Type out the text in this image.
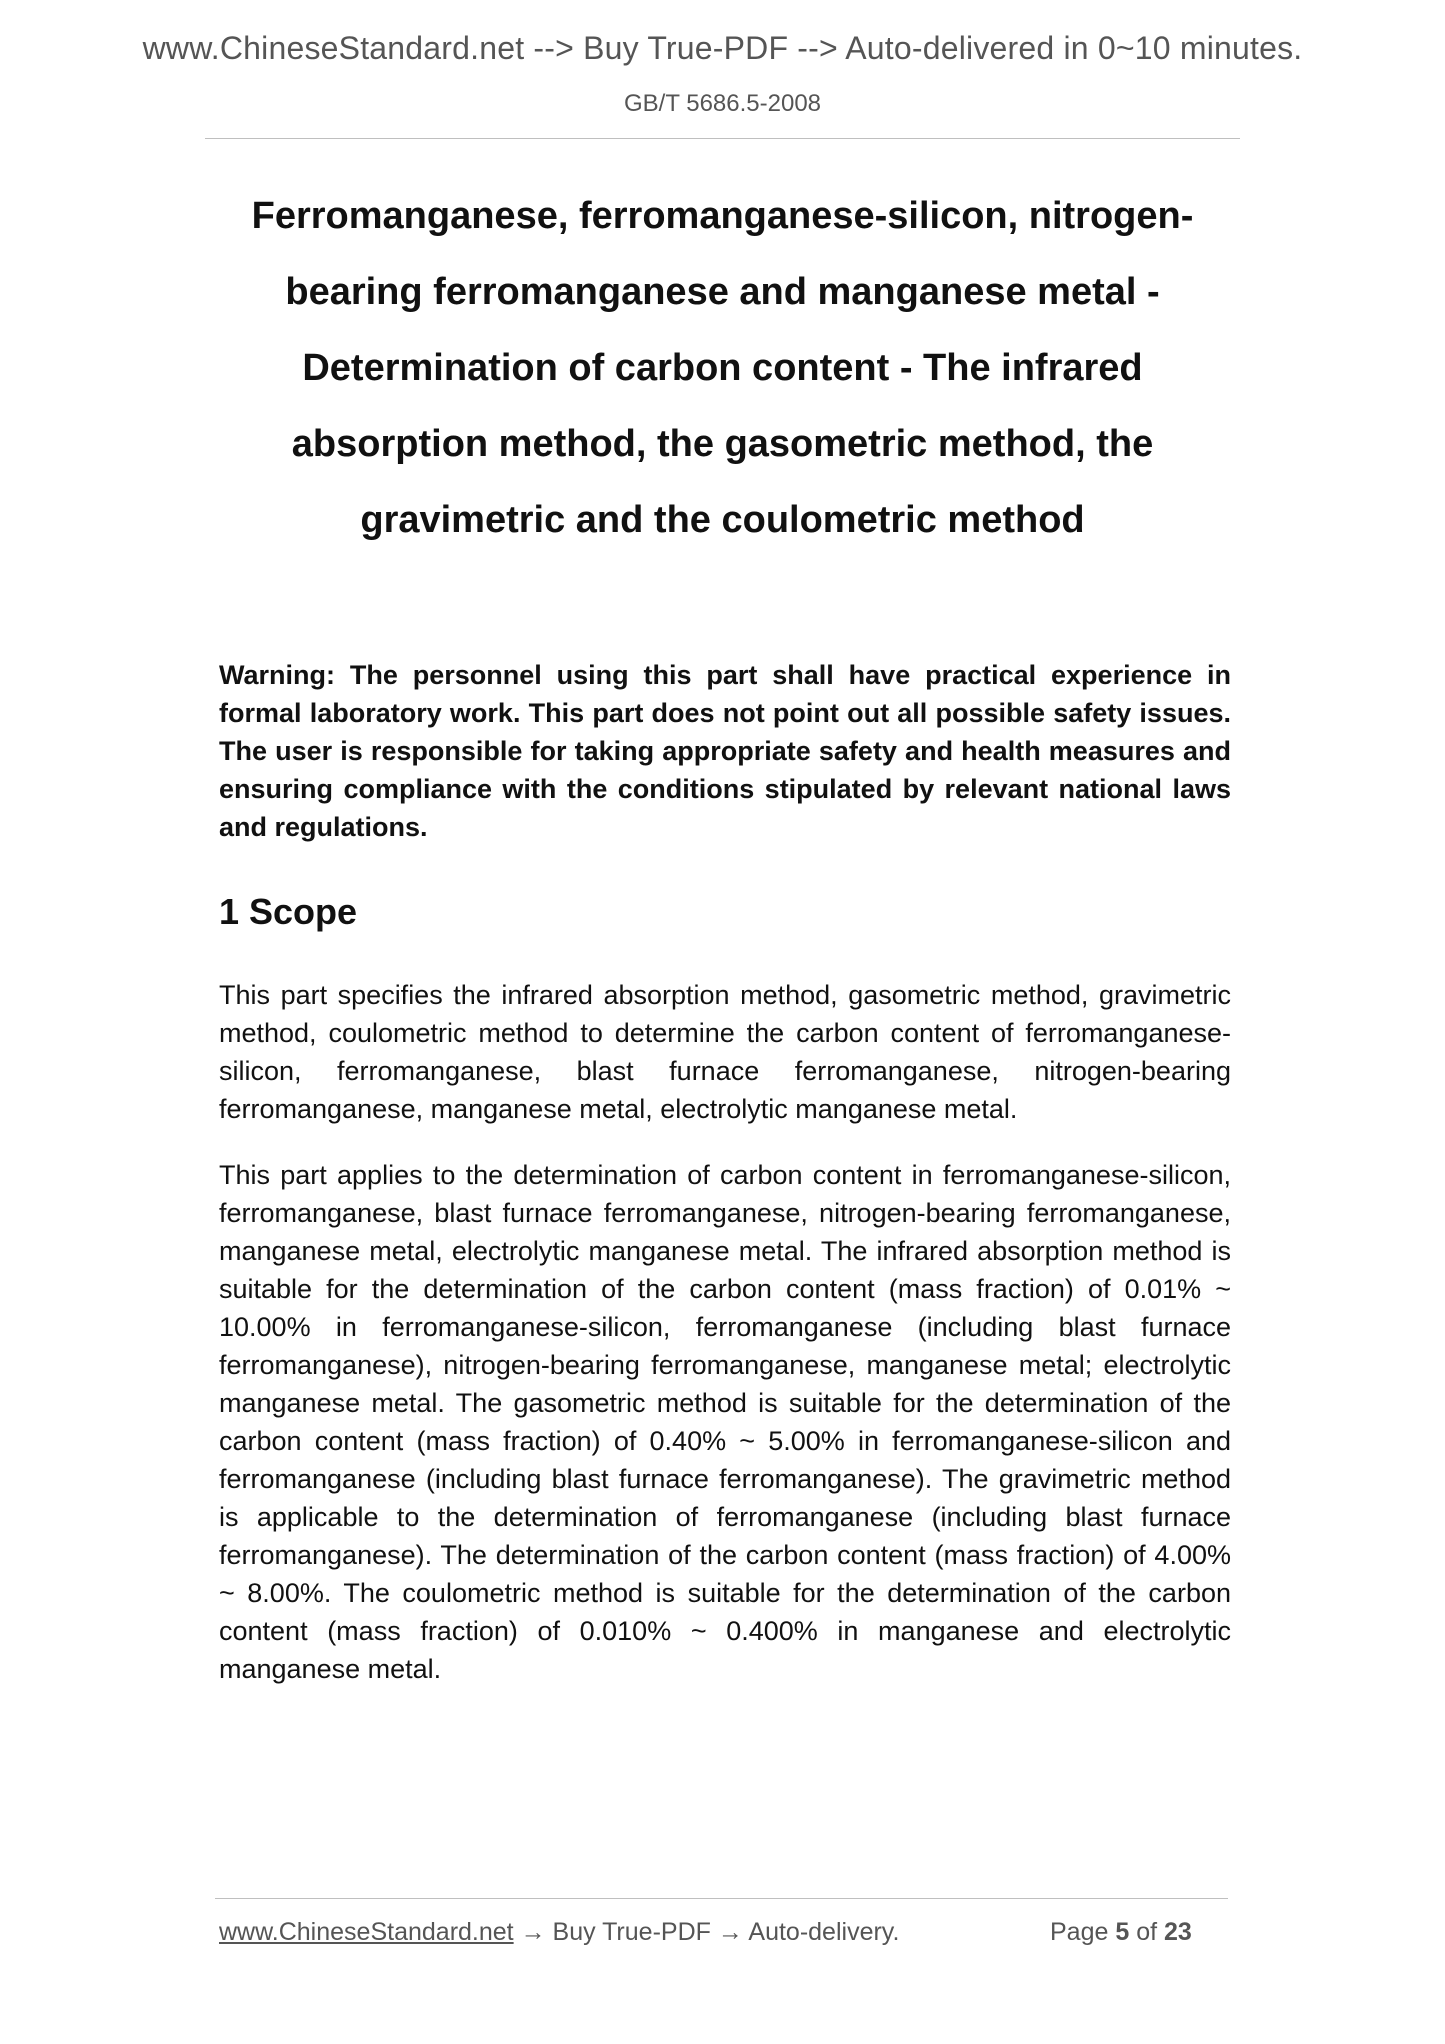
www.ChineseStandard.net --> Buy True-PDF --> Auto-delivered in 0~10 minutes.
GB/T 5686.5-2008
Ferromanganese, ferromanganese-silicon, nitrogen-
bearing ferromanganese and manganese metal -
Determination of carbon content - The infrared
absorption method, the gasometric method, the
gravimetric and the coulometric method

Warning: The personnel using this part shall have practical experience in formal laboratory work. This part does not point out all possible safety issues. The user is responsible for taking appropriate safety and health measures and ensuring compliance with the conditions stipulated by relevant national laws and regulations.

1 Scope

This part specifies the infrared absorption method, gasometric method, gravimetric method, coulometric method to determine the carbon content of ferromanganese-silicon, ferromanganese, blast furnace ferromanganese, nitrogen-bearing ferromanganese, manganese metal, electrolytic manganese metal.

This part applies to the determination of carbon content in ferromanganese-silicon, ferromanganese, blast furnace ferromanganese, nitrogen-bearing ferromanganese, manganese metal, electrolytic manganese metal. The infrared absorption method is suitable for the determination of the carbon content (mass fraction) of 0.01% ~ 10.00% in ferromanganese-silicon, ferromanganese (including blast furnace ferromanganese), nitrogen-bearing ferromanganese, manganese metal; electrolytic manganese metal. The gasometric method is suitable for the determination of the carbon content (mass fraction) of 0.40% ~ 5.00% in ferromanganese-silicon and ferromanganese (including blast furnace ferromanganese). The gravimetric method is applicable to the determination of ferromanganese (including blast furnace ferromanganese). The determination of the carbon content (mass fraction) of 4.00% ~ 8.00%. The coulometric method is suitable for the determination of the carbon content (mass fraction) of 0.010% ~ 0.400% in manganese and electrolytic manganese metal.

www.ChineseStandard.net → Buy True-PDF → Auto-delivery.	Page 5 of 23
